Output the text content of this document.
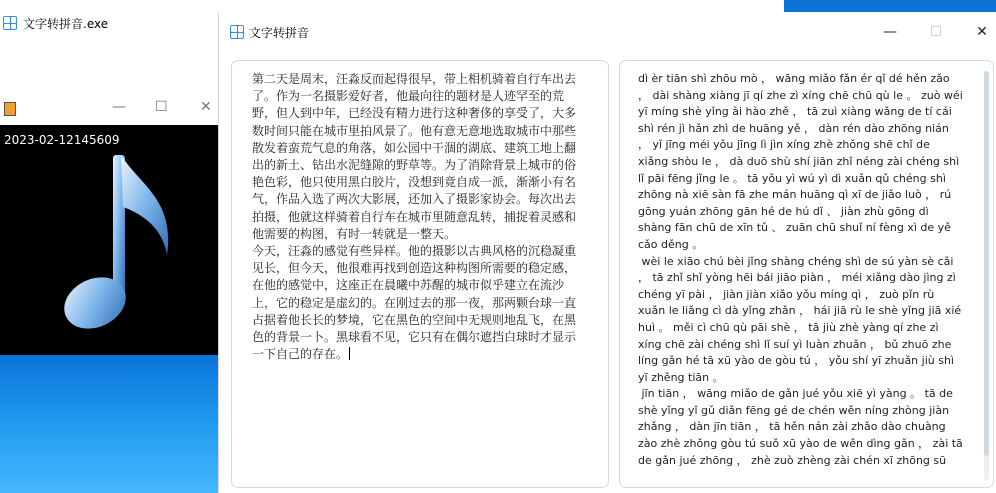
文字转拼音.exe
— ☐ ✕
2023-02-12145609
文字转拼音	—	☐	✕
第二天是周末，汪淼反而起得很早，带上相机骑着自行车出去了。作为一名摄影爱好者，他最向往的题材是人迹罕至的荒野，但人到中年，已经没有精力进行这种奢侈的享受了，大多数时间只能在城市里拍风景了。他有意无意地选取城市中那些散发着蛮荒气息的角落，如公园中干涸的湖底、建筑工地上翻出的新土、钻出水泥缝隙的野草等。为了消除背景上城市的俗艳色彩，他只使用黑白胶片，没想到竟自成一派，渐渐小有名气，作品入选了两次大影展，还加入了摄影家协会。每次出去拍摄，他就这样骑着自行车在城市里随意乱转，捕捉着灵感和他需要的构图，有时一转就是一整天。
今天，汪淼的感觉有些异样。他的摄影以古典风格的沉稳凝重见长，但今天，他很难再找到创造这种构图所需要的稳定感，在他的感觉中，这座正在晨曦中苏醒的城市似乎建立在流沙上，它的稳定是虚幻的。在刚过去的那一夜，那两颗台球一直占据着他长长的梦境，它在黑色的空间中无规则地乱飞，在黑色的背景一卜。黑球看不见，它只有在偶尔遮挡白球时才显示一下自己的存在。
dì èr tiān shì zhōu mò ， wāng miǎo fǎn ér qǐ dé hěn zǎo ， dài shàng xiàng jī qí zhe zì xíng chē chū qù le 。 zuò wéi yī míng shè yǐng ài hào zhě ， tā zuì xiàng wǎng de tí cái shì rén jì hǎn zhì de huāng yě ， dàn rén dào zhōng nián ， yǐ jīng méi yǒu jīng lì jìn xíng zhè zhǒng shē chǐ de xiǎng shòu le ， dà duō shù shí jiān zhǐ néng zài chéng shì lǐ pāi fēng jǐng le 。 tā yǒu yì wú yì dì xuǎn qǔ chéng shì zhōng nà xiē sàn fā zhe mán huāng qì xī de jiǎo luò ， rú gōng yuán zhōng gān hé de hú dǐ 、 jiàn zhù gōng dì shàng fān chū de xīn tǔ 、 zuān chū shuǐ ní fèng xì de yě cǎo děng 。
wèi le xiāo chú bèi jǐng shàng chéng shì de sú yàn sè cǎi ， tā zhǐ shǐ yòng hēi bái jiāo piàn ， méi xiǎng dào jìng zì chéng yī pài ， jiàn jiàn xiǎo yǒu míng qì ， zuò pǐn rù xuǎn le liǎng cì dà yǐng zhǎn ， hái jiā rù le shè yǐng jiā xié huì 。 měi cì chū qù pāi shè ， tā jiù zhè yàng qí zhe zì xíng chē zài chéng shì lǐ suí yì luàn zhuǎn ， bǔ zhuō zhe líng gǎn hé tā xū yào de gòu tú ， yǒu shí yī zhuǎn jiù shì yī zhěng tiān 。
jīn tiān ， wāng miǎo de gǎn jué yǒu xiē yì yàng 。 tā de shè yǐng yǐ gǔ diǎn fēng gé de chén wěn níng zhòng jiàn zhǎng ， dàn jīn tiān ， tā hěn nán zài zhǎo dào chuàng zào zhè zhǒng gòu tú suǒ xū yào de wěn dìng gǎn ， zài tā de gǎn jué zhōng ， zhè zuò zhèng zài chén xī zhōng sū
